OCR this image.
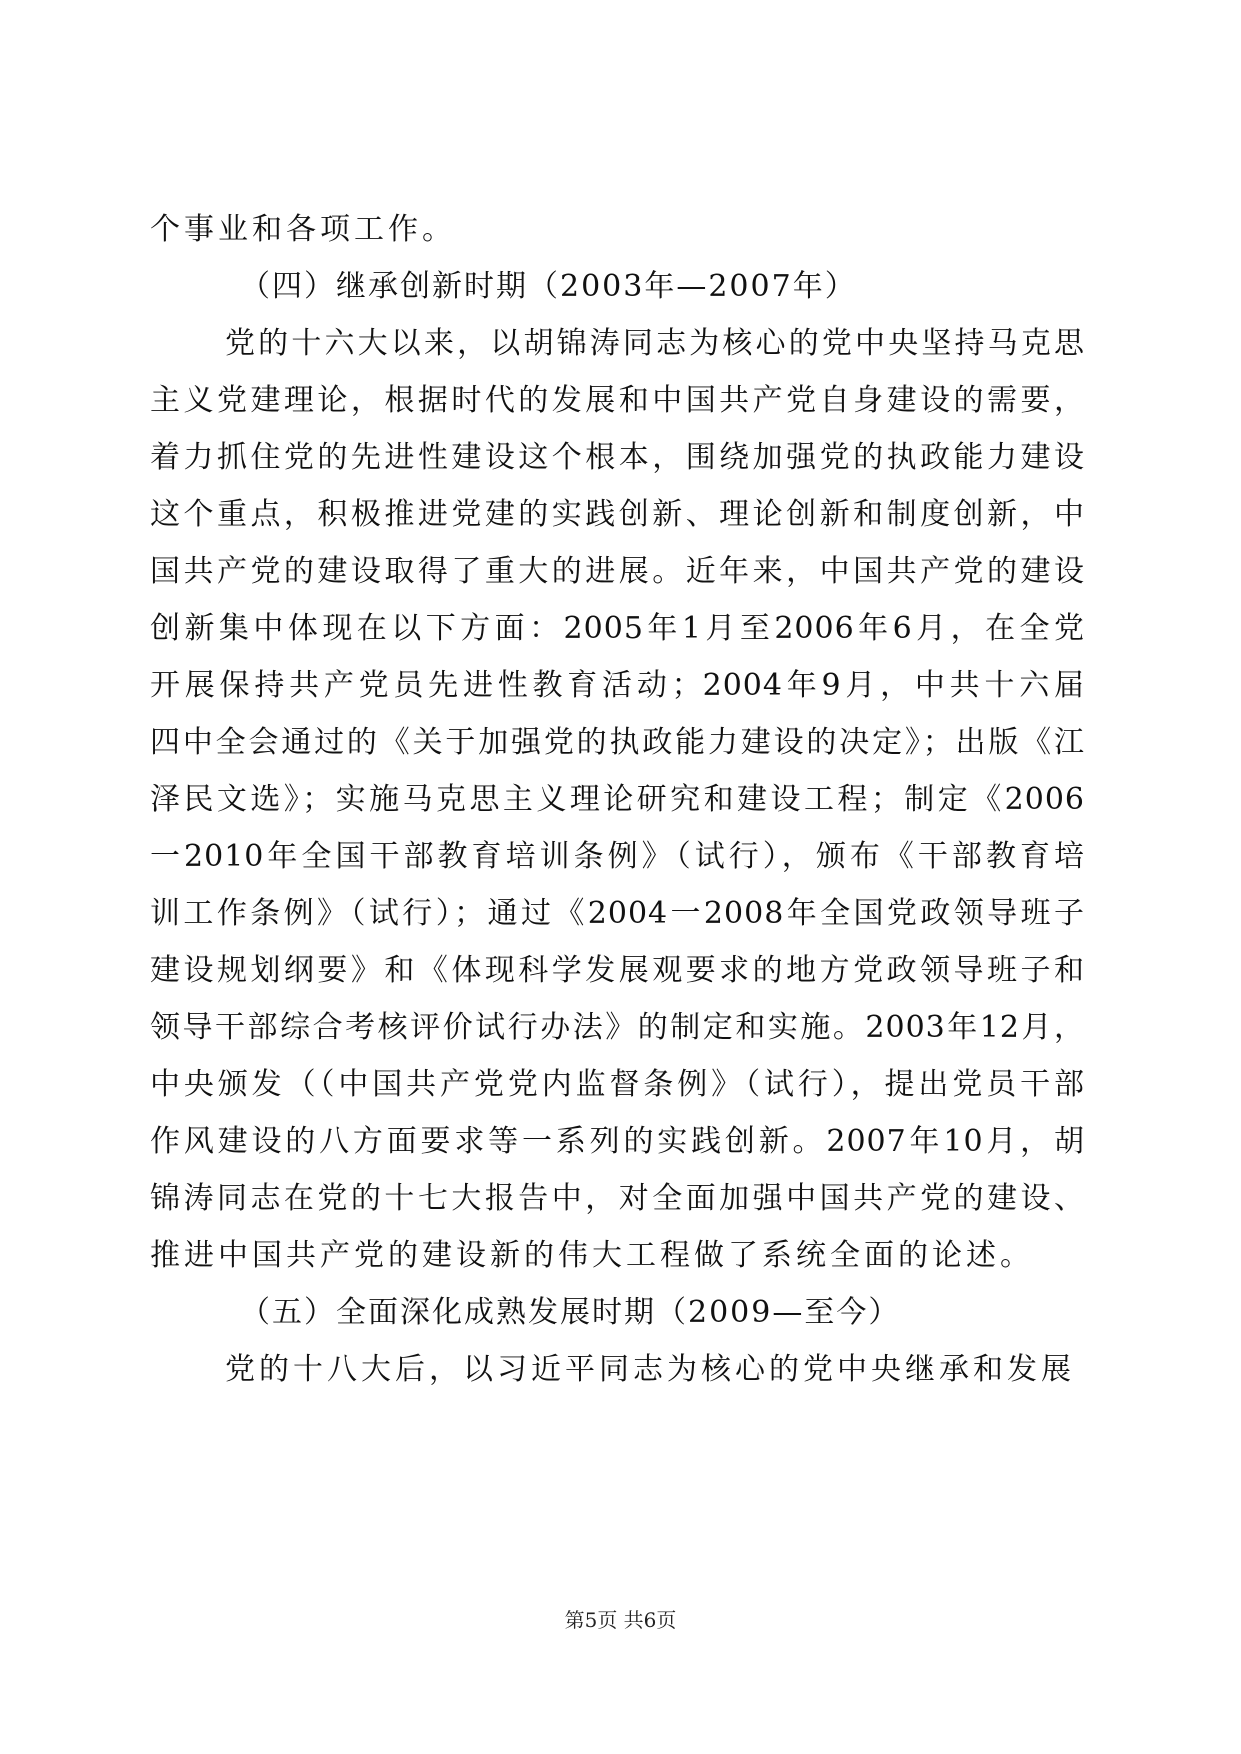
个事业和各项工作。
（四）继承创新时期（2003年—2007年）
党的十六大以来，以胡锦涛同志为核心的党中央坚持马克思
主义党建理论，根据时代的发展和中国共产党自身建设的需要，
着力抓住党的先进性建设这个根本，围绕加强党的执政能力建设
这个重点，积极推进党建的实践创新、理论创新和制度创新，中
国共产党的建设取得了重大的进展。近年来，中国共产党的建设
创新集中体现在以下方面：2005年1月至2006年6月，在全党
开展保持共产党员先进性教育活动；2004年9月，中共十六届
四中全会通过的《关于加强党的执政能力建设的决定》；出版《江
泽民文选》；实施马克思主义理论研究和建设工程；制定《2006
一2010年全国干部教育培训条例》（试行），颁布《干部教育培
训工作条例》（试行）；通过《2004一2008年全国党政领导班子
建设规划纲要》和《体现科学发展观要求的地方党政领导班子和
领导干部综合考核评价试行办法》的制定和实施。2003年12月，
中央颁发（（中国共产党党内监督条例》（试行），提出党员干部
作风建设的八方面要求等一系列的实践创新。2007年10月，胡
锦涛同志在党的十七大报告中，对全面加强中国共产党的建设、
推进中国共产党的建设新的伟大工程做了系统全面的论述。
（五）全面深化成熟发展时期（2009—至今）
党的十八大后，以习近平同志为核心的党中央继承和发展
第5页 共6页
